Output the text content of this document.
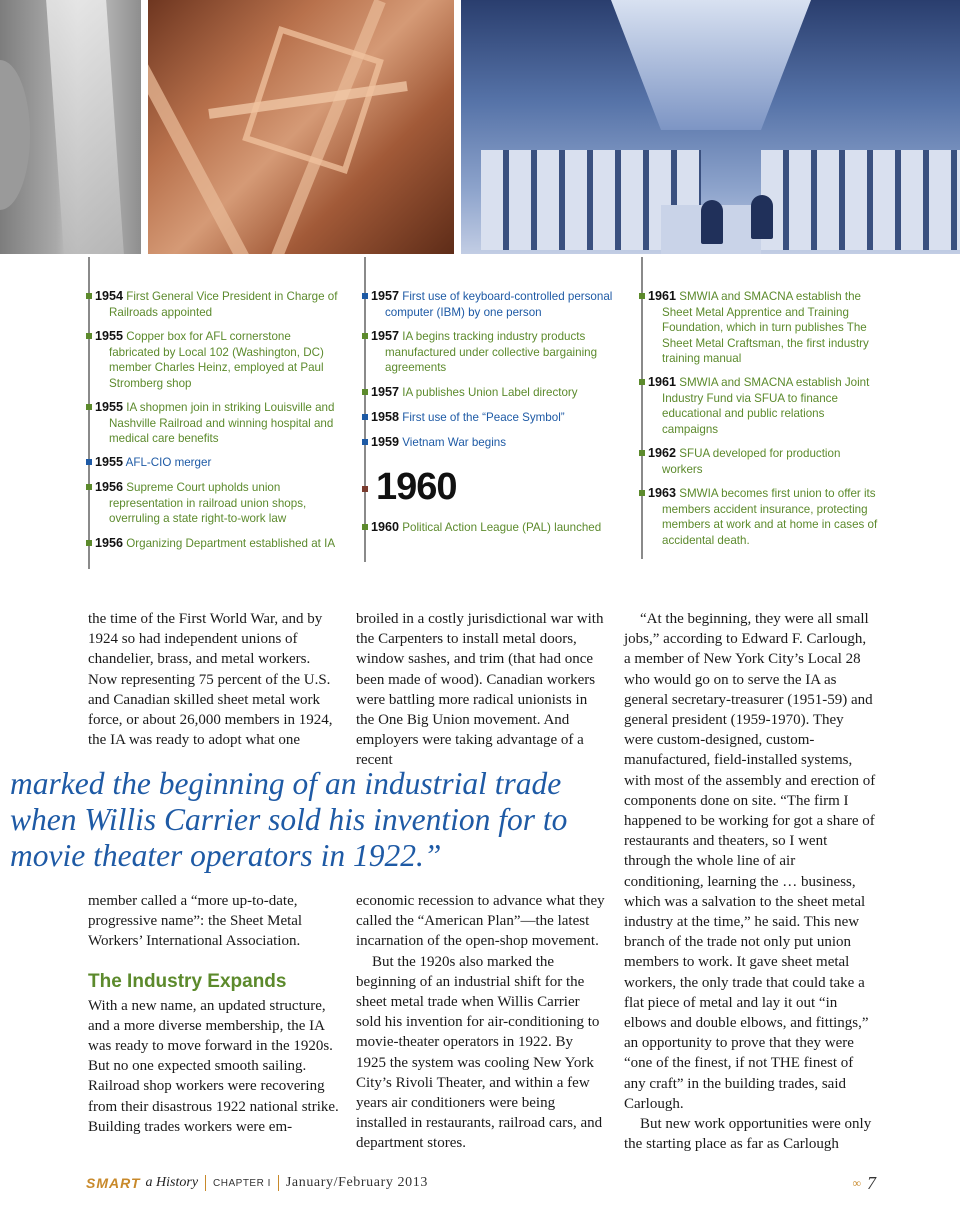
1954 First General Vice President in Charge of Railroads appointed
1955 Copper box for AFL cornerstone fabricated by Local 102 (Washington, DC) member Charles Heinz, employed at Paul Stromberg shop
1955 IA shopmen join in striking Louisville and Nashville Railroad and winning hospital and medical care benefits
1955 AFL-CIO merger
1956 Supreme Court upholds union representation in railroad union shops, overruling a state right-to-work law
1956 Organizing Department established at IA
1957 First use of keyboard-controlled personal computer (IBM) by one person
1957 IA begins tracking industry products manufactured under collective bargaining agreements
1957 IA publishes Union Label directory
1958 First use of the “Peace Symbol”
1959 Vietnam War begins
1960
1960 Political Action League (PAL) launched
1961 SMWIA and SMACNA establish the Sheet Metal Apprentice and Training Foundation, which in turn publishes The Sheet Metal Craftsman, the first industry training manual
1961 SMWIA and SMACNA establish Joint Industry Fund via SFUA to finance educational and public relations campaigns
1962 SFUA developed for production workers
1963 SMWIA becomes first union to offer its members accident insurance, protecting members at work and at home in cases of accidental death.

the time of the First World War, and by 1924 so had independent unions of chandelier, brass, and metal workers. Now representing 75 percent of the U.S. and Canadian skilled sheet metal work force, or about 26,000 members in 1924, the IA was ready to adopt what one

broiled in a costly jurisdictional war with the Carpenters to install metal doors, window sashes, and trim (that had once been made of wood). Canadian workers were battling more radical unionists in the One Big Union movement. And employers were taking advantage of a recent

marked the beginning of an industrial trade when Willis Carrier sold his invention for to movie theater operators in 1922.”

member called a “more up-to-date, progressive name”: the Sheet Metal Workers’ International Association.

The Industry Expands

With a new name, an updated structure, and a more diverse membership, the IA was ready to move forward in the 1920s. But no one expected smooth sailing. Railroad shop workers were recovering from their disastrous 1922 national strike. Building trades workers were em-

economic recession to advance what they called the “American Plan”—the latest incarnation of the open-shop movement.

But the 1920s also marked the beginning of an industrial shift for the sheet metal trade when Willis Carrier sold his invention for air-conditioning to movie-theater operators in 1922. By 1925 the system was cooling New York City’s Rivoli Theater, and within a few years air conditioners were being installed in restaurants, railroad cars, and department stores.

“At the beginning, they were all small jobs,” according to Edward F. Carlough, a member of New York City’s Local 28 who would go on to serve the IA as general secretary-treasurer (1951-59) and general president (1959-1970). They were custom-designed, custom-manufactured, field-installed systems, with most of the assembly and erection of components done on site. “The firm I happened to be working for got a share of restaurants and theaters, so I went through the whole line of air conditioning, learning the … business, which was a salvation to the sheet metal industry at the time,” he said. This new branch of the trade not only put union members to work. It gave sheet metal workers, the only trade that could take a flat piece of metal and lay it out “in elbows and double elbows, and fittings,” an opportunity to prove that they were “one of the finest, if not THE finest of any craft” in the building trades, said Carlough.

But new work opportunities were only the starting place as far as Carlough

SMART a History CHAPTER I January/February 2013	∞ 7
